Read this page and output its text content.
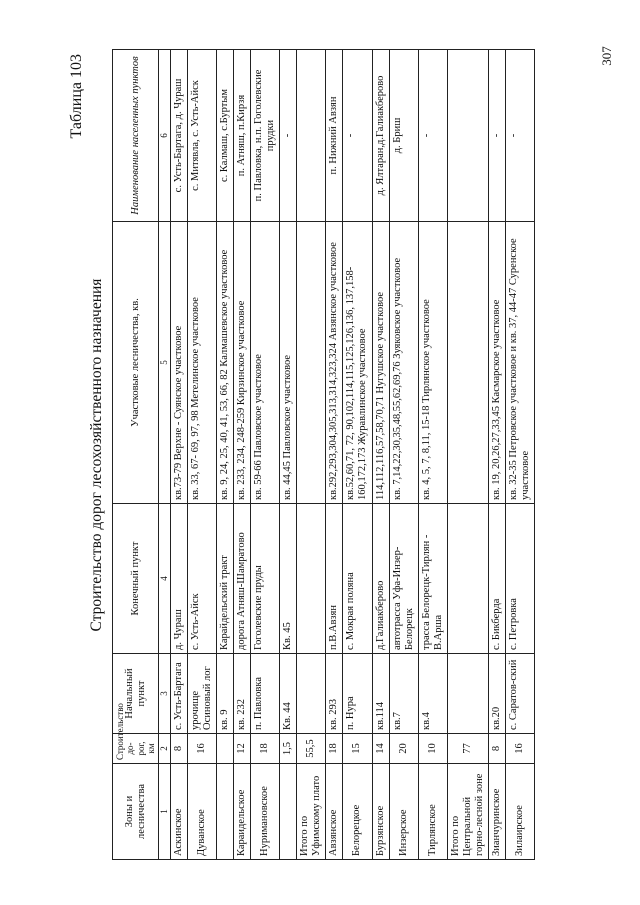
Таблица 103
Строительство дорог лесохозяйственного назначения
Зоны и лесничества	Строительство до-рог, км	Начальный пункт	Конечный пункт	Участковые лесничества, кв.	Наименование населенных пунктов
1	2	3	4	5	6
Аскинское	8	с. Усть-Бартага	д. Чураш	кв.73-79 Верхне - Суянское участковое	с. Усть-Бартага, д. Чураш
Дуванское	16	урочище Осиновый лог	с. Усть-Айск	кв. 33, 67- 69, 97, 98 Метелинское участковое	с. Митявла, с. Усть-Айск
		кв. 9	Карайдельский тракт	кв. 9, 24, 25, 40, 41, 53, 66, 82 Калмашевское участковое	с. Калмаш, с.Буртым
Караидельское	12	кв. 232	дорога Атняш-Шамратово	кв. 233, 234, 248-259 Кирзинское участковое	п. Атняш, п.Кирзя
Нуримановское	18	п. Павловка	Гоголевские пруды	кв. 59-66 Павловское участковое	п. Павловка, н.п. Гоголевские прудки
	1,5	Кв. 44	Кв. 45	кв. 44,45 Павловское участковое	-
Итого по Уфимскому плато	55,5				
Авзянское	18	кв. 293	п.В.Авзян	кв.292,293,304,305,313,314,323,324 Авзянское участковое	п. Нижний Авзян
Белорецкое	15	п. Нура	с. Мокрая поляна	кв.52,60,71, 72, 90,102,114,115,125,126,136, 137,158-160,172,173 Журавлинское участковое	-
Бурзянское	14	кв.114	д.Галиакберово	114,112,116,57,58,70,71 Нугушское участковое	д. Ялтаран,д.Галиакберово
Инзерское	20	кв.7	автотрасса Уфа-Инзер-Белорецк	кв. 7,14,22,30,35,48,55,62,69,76 Зуяковское участковое	д. Бриш
Тирлянское	10	кв.4	трасса Белорецк-Тирлян - В.Арша	кв. 4, 5, 7, 8,11, 15-18 Тирлянское участковое	-
Итого по Центральной горно-лесной зоне	77				
Зианчуринское	8	кв.20	с. Бикберда	кв. 19, 20,26,27,33,45 Касмарское участковое	-
Зилаирское	16	с. Саратов-ский	с. Петровка	кв. 32-35 Петровское участковое и кв. 37, 44-47 Суренское участковое	-
307
